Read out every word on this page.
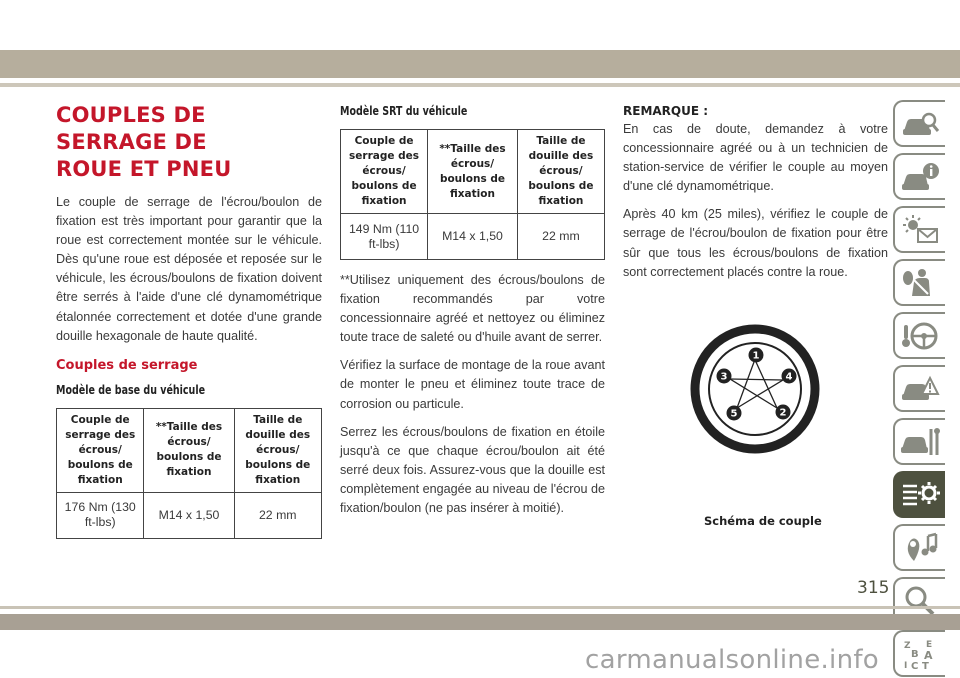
COUPLES DE SERRAGE DE
ROUE ET PNEU

Le couple de serrage de l'écrou/boulon de fixation est très important pour garantir que la roue est correctement montée sur le véhicule. Dès qu'une roue est déposée et reposée sur le véhicule, les écrous/boulons de fixation doivent être serrés à l'aide d'une clé dynamométrique étalonnée correctement et dotée d'une grande douille hexagonale de haute qualité.

Couples de serrage
Modèle de base du véhicule
Couple de serrage des écrous/ boulons de fixation	**Taille des écrous/ boulons de fixation	Taille de douille des écrous/ boulons de fixation
176 Nm (130 ft-lbs)	M14 x 1,50	22 mm
Modèle SRT du véhicule
Couple de serrage des écrous/ boulons de fixation	**Taille des écrous/ boulons de fixation	Taille de douille des écrous/ boulons de fixation
149 Nm (110 ft-lbs)	M14 x 1,50	22 mm

**Utilisez uniquement des écrous/boulons de fixation recommandés par votre concessionnaire agréé et nettoyez ou éliminez toute trace de saleté ou d'huile avant de serrer.

Vérifiez la surface de montage de la roue avant de monter le pneu et éliminez toute trace de corrosion ou particule.

Serrez les écrous/boulons de fixation en étoile jusqu'à ce que chaque écrou/boulon ait été serré deux fois. Assurez-vous que la douille est complètement engagée au niveau de l'écrou de fixation/boulon (ne pas insérer à moitié).

REMARQUE :

En cas de doute, demandez à votre concessionnaire agréé ou à un technicien de station-service de vérifier le couple au moyen d'une clé dynamométrique.

Après 40 km (25 miles), vérifiez le couple de serrage de l'écrou/boulon de fixation pour être sûr que tous les écrous/boulons de fixation sont correctement placés contre la roue.

1
2
3	4
5
Schéma de couple
Z E
B A
I C T
315
carmanualsonline.info
